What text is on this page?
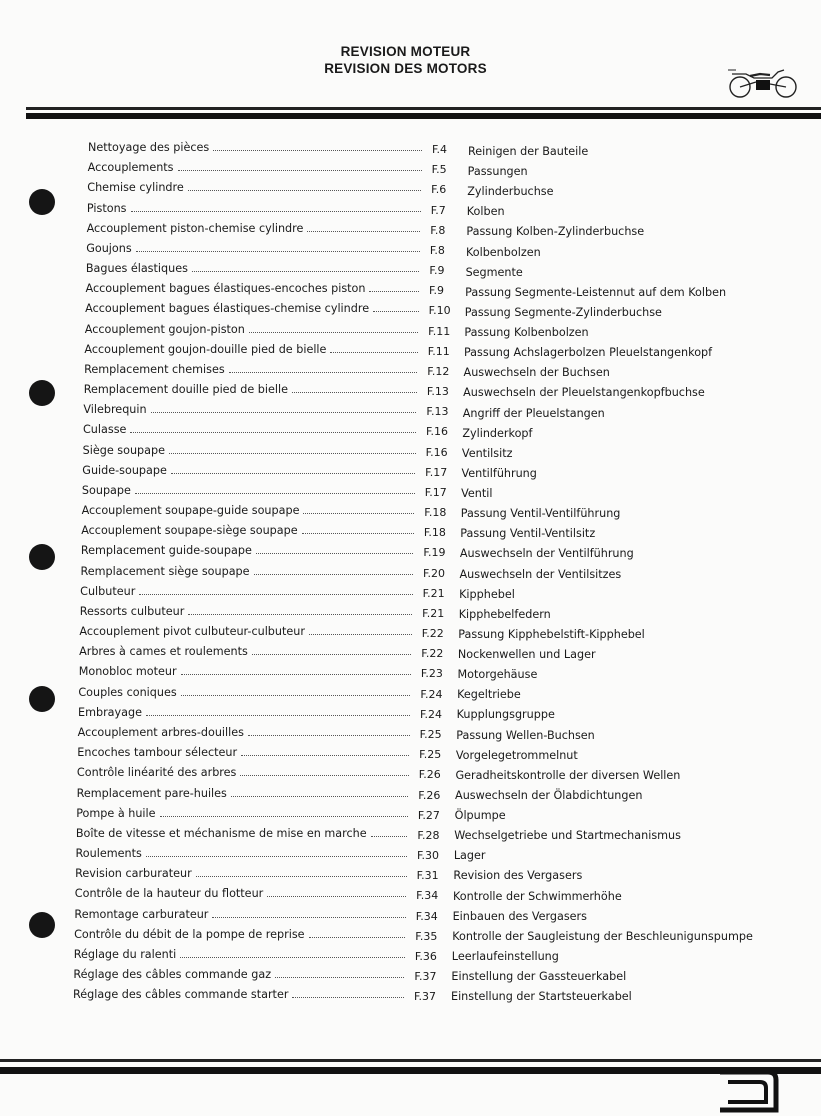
REVISION MOTEUR
REVISION DES MOTORS
Nettoyage des pièces	F.4 Reinigen der Bauteile
Accouplements	F.5 Passungen
Chemise cylindre	F.6 Zylinderbuchse
Pistons	F.7 Kolben
Accouplement piston-chemise cylindre	F.8 Passung Kolben-Zylinderbuchse
Goujons	F.8 Kolbenbolzen
Bagues élastiques	F.9 Segmente
Accouplement bagues élastiques-encoches piston	F.9 Passung Segmente-Leistennut auf dem Kolben
Accouplement bagues élastiques-chemise cylindre	F.10 Passung Segmente-Zylinderbuchse
Accouplement goujon-piston	F.11 Passung Kolbenbolzen
Accouplement goujon-douille pied de bielle	F.11 Passung Achslagerbolzen Pleuelstangenkopf
Remplacement chemises	F.12 Auswechseln der Buchsen
Remplacement douille pied de bielle	F.13 Auswechseln der Pleuelstangenkopfbuchse
Vilebrequin	F.13 Angriff der Pleuelstangen
Culasse	F.16 Zylinderkopf
Siège soupape	F.16 Ventilsitz
Guide-soupape	F.17 Ventilführung
Soupape	F.17 Ventil
Accouplement soupape-guide soupape	F.18 Passung Ventil-Ventilführung
Accouplement soupape-siège soupape	F.18 Passung Ventil-Ventilsitz
Remplacement guide-soupape	F.19 Auswechseln der Ventilführung
Remplacement siège soupape	F.20 Auswechseln der Ventilsitzes
Culbuteur	F.21 Kipphebel
Ressorts culbuteur	F.21 Kipphebelfedern
Accouplement pivot culbuteur-culbuteur	F.22 Passung Kipphebelstift-Kipphebel
Arbres à cames et roulements	F.22 Nockenwellen und Lager
Monobloc moteur	F.23 Motorgehäuse
Couples coniques	F.24 Kegeltriebe
Embrayage	F.24 Kupplungsgruppe
Accouplement arbres-douilles	F.25 Passung Wellen-Buchsen
Encoches tambour sélecteur	F.25 Vorgelegetrommelnut
Contrôle linéarité des arbres	F.26 Geradheitskontrolle der diversen Wellen
Remplacement pare-huiles	F.26 Auswechseln der Ölabdichtungen
Pompe à huile	F.27 Ölpumpe
Boîte de vitesse et méchanisme de mise en marche	F.28 Wechselgetriebe und Startmechanismus
Roulements	F.30 Lager
Revision carburateur	F.31 Revision des Vergasers
Contrôle de la hauteur du flotteur	F.34 Kontrolle der Schwimmerhöhe
Remontage carburateur	F.34 Einbauen des Vergasers
Contrôle du débit de la pompe de reprise	F.35 Kontrolle der Saugleistung der Beschleunigunspumpe
Réglage du ralenti	F.36 Leerlaufeinstellung
Réglage des câbles commande gaz	F.37 Einstellung der Gassteuerkabel
Réglage des câbles commande starter	F.37 Einstellung der Startsteuerkabel
